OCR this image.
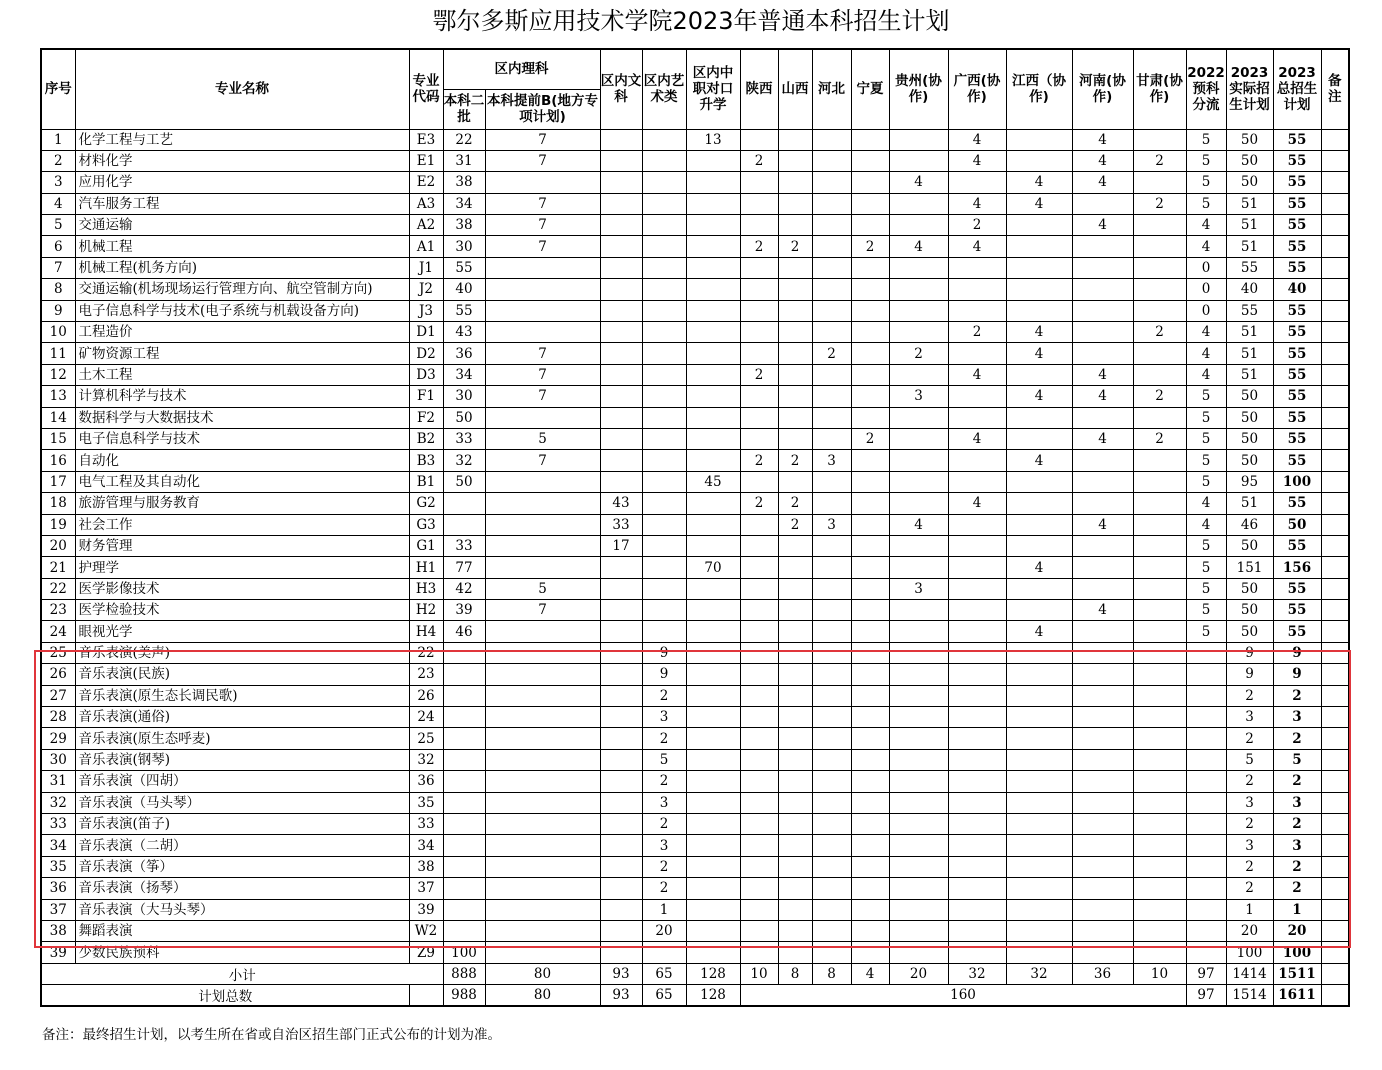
鄂尔多斯应用技术学院2023年普通本科招生计划
序号	专业名称	专业代码	区内理科		区内文科	区内艺术类	区内中职对口升学	陕西	山西	河北	宁夏	贵州(协作)	广西(协作)	江西（协作)	河南(协作)	甘肃(协作)	2022预科分流	2023实际招生计划	2023总招生计划	备注
			本科二批	本科提前B(地方专项计划)																
1	化学工程与工艺	E3	22	7			13						4		4		5	50	55	
2	材料化学	E1	31	7				2					4		4	2	5	50	55	
3	应用化学	E2	38									4		4	4		5	50	55	
4	汽车服务工程	A3	34	7									4	4		2	5	51	55	
5	交通运输	A2	38	7									2		4		4	51	55	
6	机械工程	A1	30	7				2	2		2	4	4				4	51	55	
7	机械工程(机务方向)	J1	55														0	55	55	
8	交通运输(机场现场运行管理方向、航空管制方向)	J2	40														0	40	40	
9	电子信息科学与技术(电子系统与机载设备方向)	J3	55														0	55	55	
10	工程造价	D1	43										2	4		2	4	51	55	
11	矿物资源工程	D2	36	7						2		2		4			4	51	55	
12	土木工程	D3	34	7				2					4		4		4	51	55	
13	计算机科学与技术	F1	30	7								3		4	4	2	5	50	55	
14	数据科学与大数据技术	F2	50														5	50	55	
15	电子信息科学与技术	B2	33	5							2		4		4	2	5	50	55	
16	自动化	B3	32	7				2	2	3				4			5	50	55	
17	电气工程及其自动化	B1	50				45										5	95	100	
18	旅游管理与服务教育	G2			43			2	2				4				4	51	55	
19	社会工作	G3			33				2	3		4			4		4	46	50	
20	财务管理	G1	33		17												5	50	55	
21	护理学	H1	77				70							4			5	151	156	
22	医学影像技术	H3	42	5								3					5	50	55	
23	医学检验技术	H2	39	7											4		5	50	55	
24	眼视光学	H4	46											4			5	50	55	
25	音乐表演(美声)	22				9												9	9	
26	音乐表演(民族)	23				9												9	9	
27	音乐表演(原生态长调民歌)	26				2												2	2	
28	音乐表演(通俗)	24				3												3	3	
29	音乐表演(原生态呼麦)	25				2												2	2	
30	音乐表演(钢琴)	32				5												5	5	
31	音乐表演（四胡）	36				2												2	2	
32	音乐表演（马头琴）	35				3												3	3	
33	音乐表演(笛子)	33				2												2	2	
34	音乐表演（二胡）	34				3												3	3	
35	音乐表演（筝）	38				2												2	2	
36	音乐表演（扬琴）	37				2												2	2	
37	音乐表演（大马头琴）	39				1												1	1	
38	舞蹈表演	W2				20												20	20	
39	少数民族预科	Z9	100															100	100	
小计			888	80	93	65	128	10	8	8	4	20	32	32	36	10	97	1414	1511	
计划总数			988	80	93	65	128	160									97	1514	1611	
备注：最终招生计划，以考生所在省或自治区招生部门正式公布的计划为准。
